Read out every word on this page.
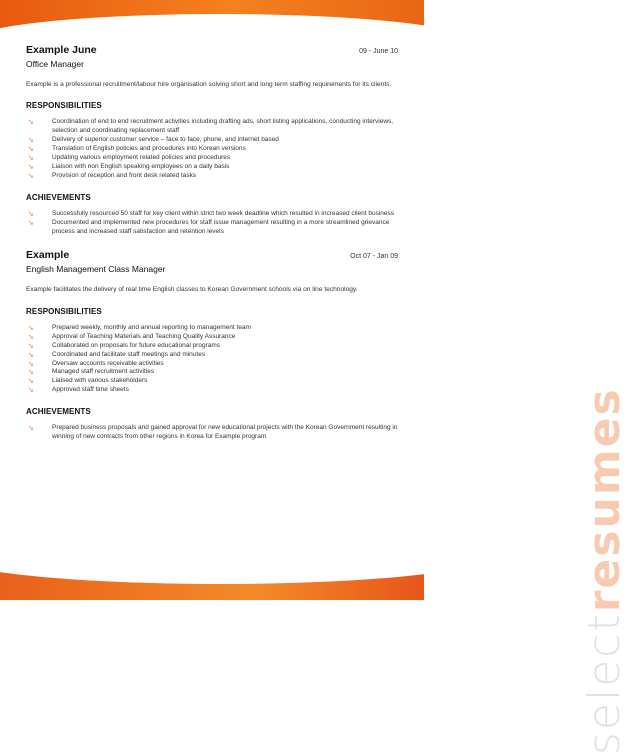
selectresumes
Example June	09 - June 10
Office Manager

Example is a professional recruitment/labour hire organisation solving short and long term staffing requirements for its clients.

RESPONSIBILITIES
➘	Coordination of end to end recruitment activities including drafting ads, short listing applications, conducting interviews, selection and coordinating replacement staff
➘	Delivery of superior customer service – face to face, phone, and internet based
➘	Translation of English policies and procedures into Korean versions
➘	Updating various employment related policies and procedures
➘	Liaison with non English speaking employees on a daily basis
➘	Provision of reception and front desk related tasks
ACHIEVEMENTS
➘	Successfully resourced 50 staff for key client within strict two week deadline which resulted in increased client business
➘	Documented and implemented new procedures for staff issue management resulting in a more streamlined grievance process and increased staff satisfaction and retention levels
Example	Oct 07 - Jan 09
English Management Class Manager

Example facilitates the delivery of real time English classes to Korean Government schools via on line technology.

RESPONSIBILITIES
➘	Prepared weekly, monthly and annual reporting to management team
➘	Approval of Teaching Materials and Teaching Quality Assurance
➘	Collaborated on proposals for future educational programs
➘	Coordinated and facilitate staff meetings and minutes
➘	Oversaw accounts receivable activities
➘	Managed staff recruitment activities
➘	Liaised with various stakeholders
➘	Approved staff time sheets
ACHIEVEMENTS
➘	Prepared business proposals and gained approval for new educational projects with the Korean Government resulting in winning of new contracts from other regions in Korea for Example program
